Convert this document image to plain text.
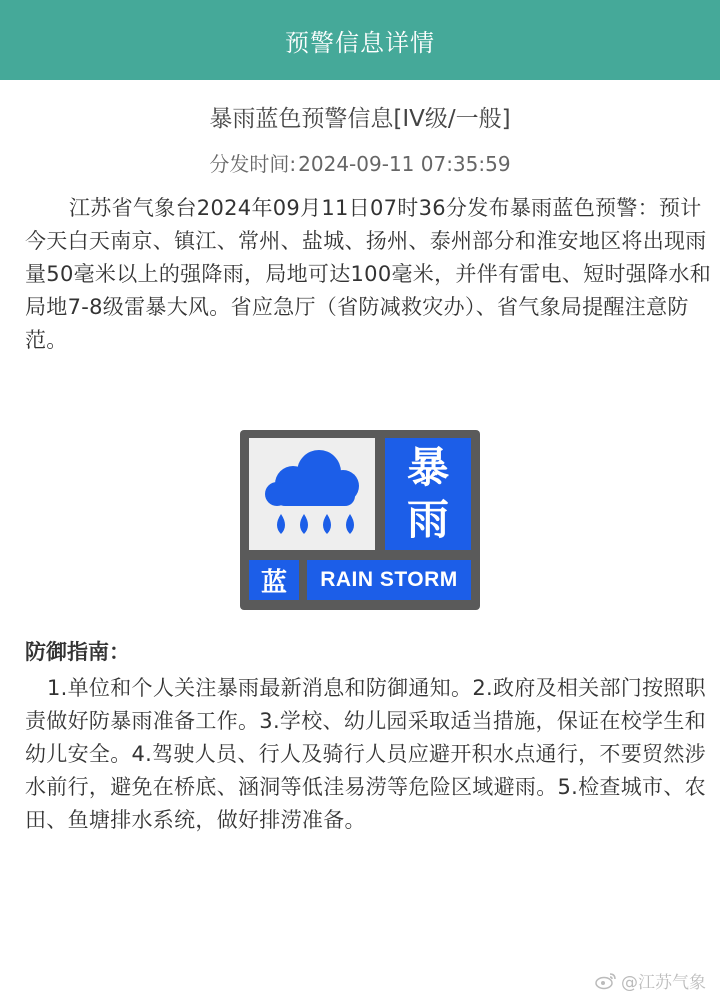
预警信息详情
暴雨蓝色预警信息[IV级/一般]
分发时间: 2024-09-11 07:35:59
江苏省气象台2024年09月11日07时36分发布暴雨蓝色预警：预计今天白天南京、镇江、常州、盐城、扬州、泰州部分和淮安地区将出现雨量50毫米以上的强降雨，局地可达100毫米，并伴有雷电、短时强降水和局地7-8级雷暴大风。省应急厅（省防减救灾办）、省气象局提醒注意防范。
暴
雨
蓝	RAIN STORM
防御指南：
1.单位和个人关注暴雨最新消息和防御通知。2.政府及相关部门按照职责做好防暴雨准备工作。3.学校、幼儿园采取适当措施，保证在校学生和幼儿安全。4.驾驶人员、行人及骑行人员应避开积水点通行，不要贸然涉水前行，避免在桥底、涵洞等低洼易涝等危险区域避雨。5.检查城市、农田、鱼塘排水系统，做好排涝准备。
@江苏气象
